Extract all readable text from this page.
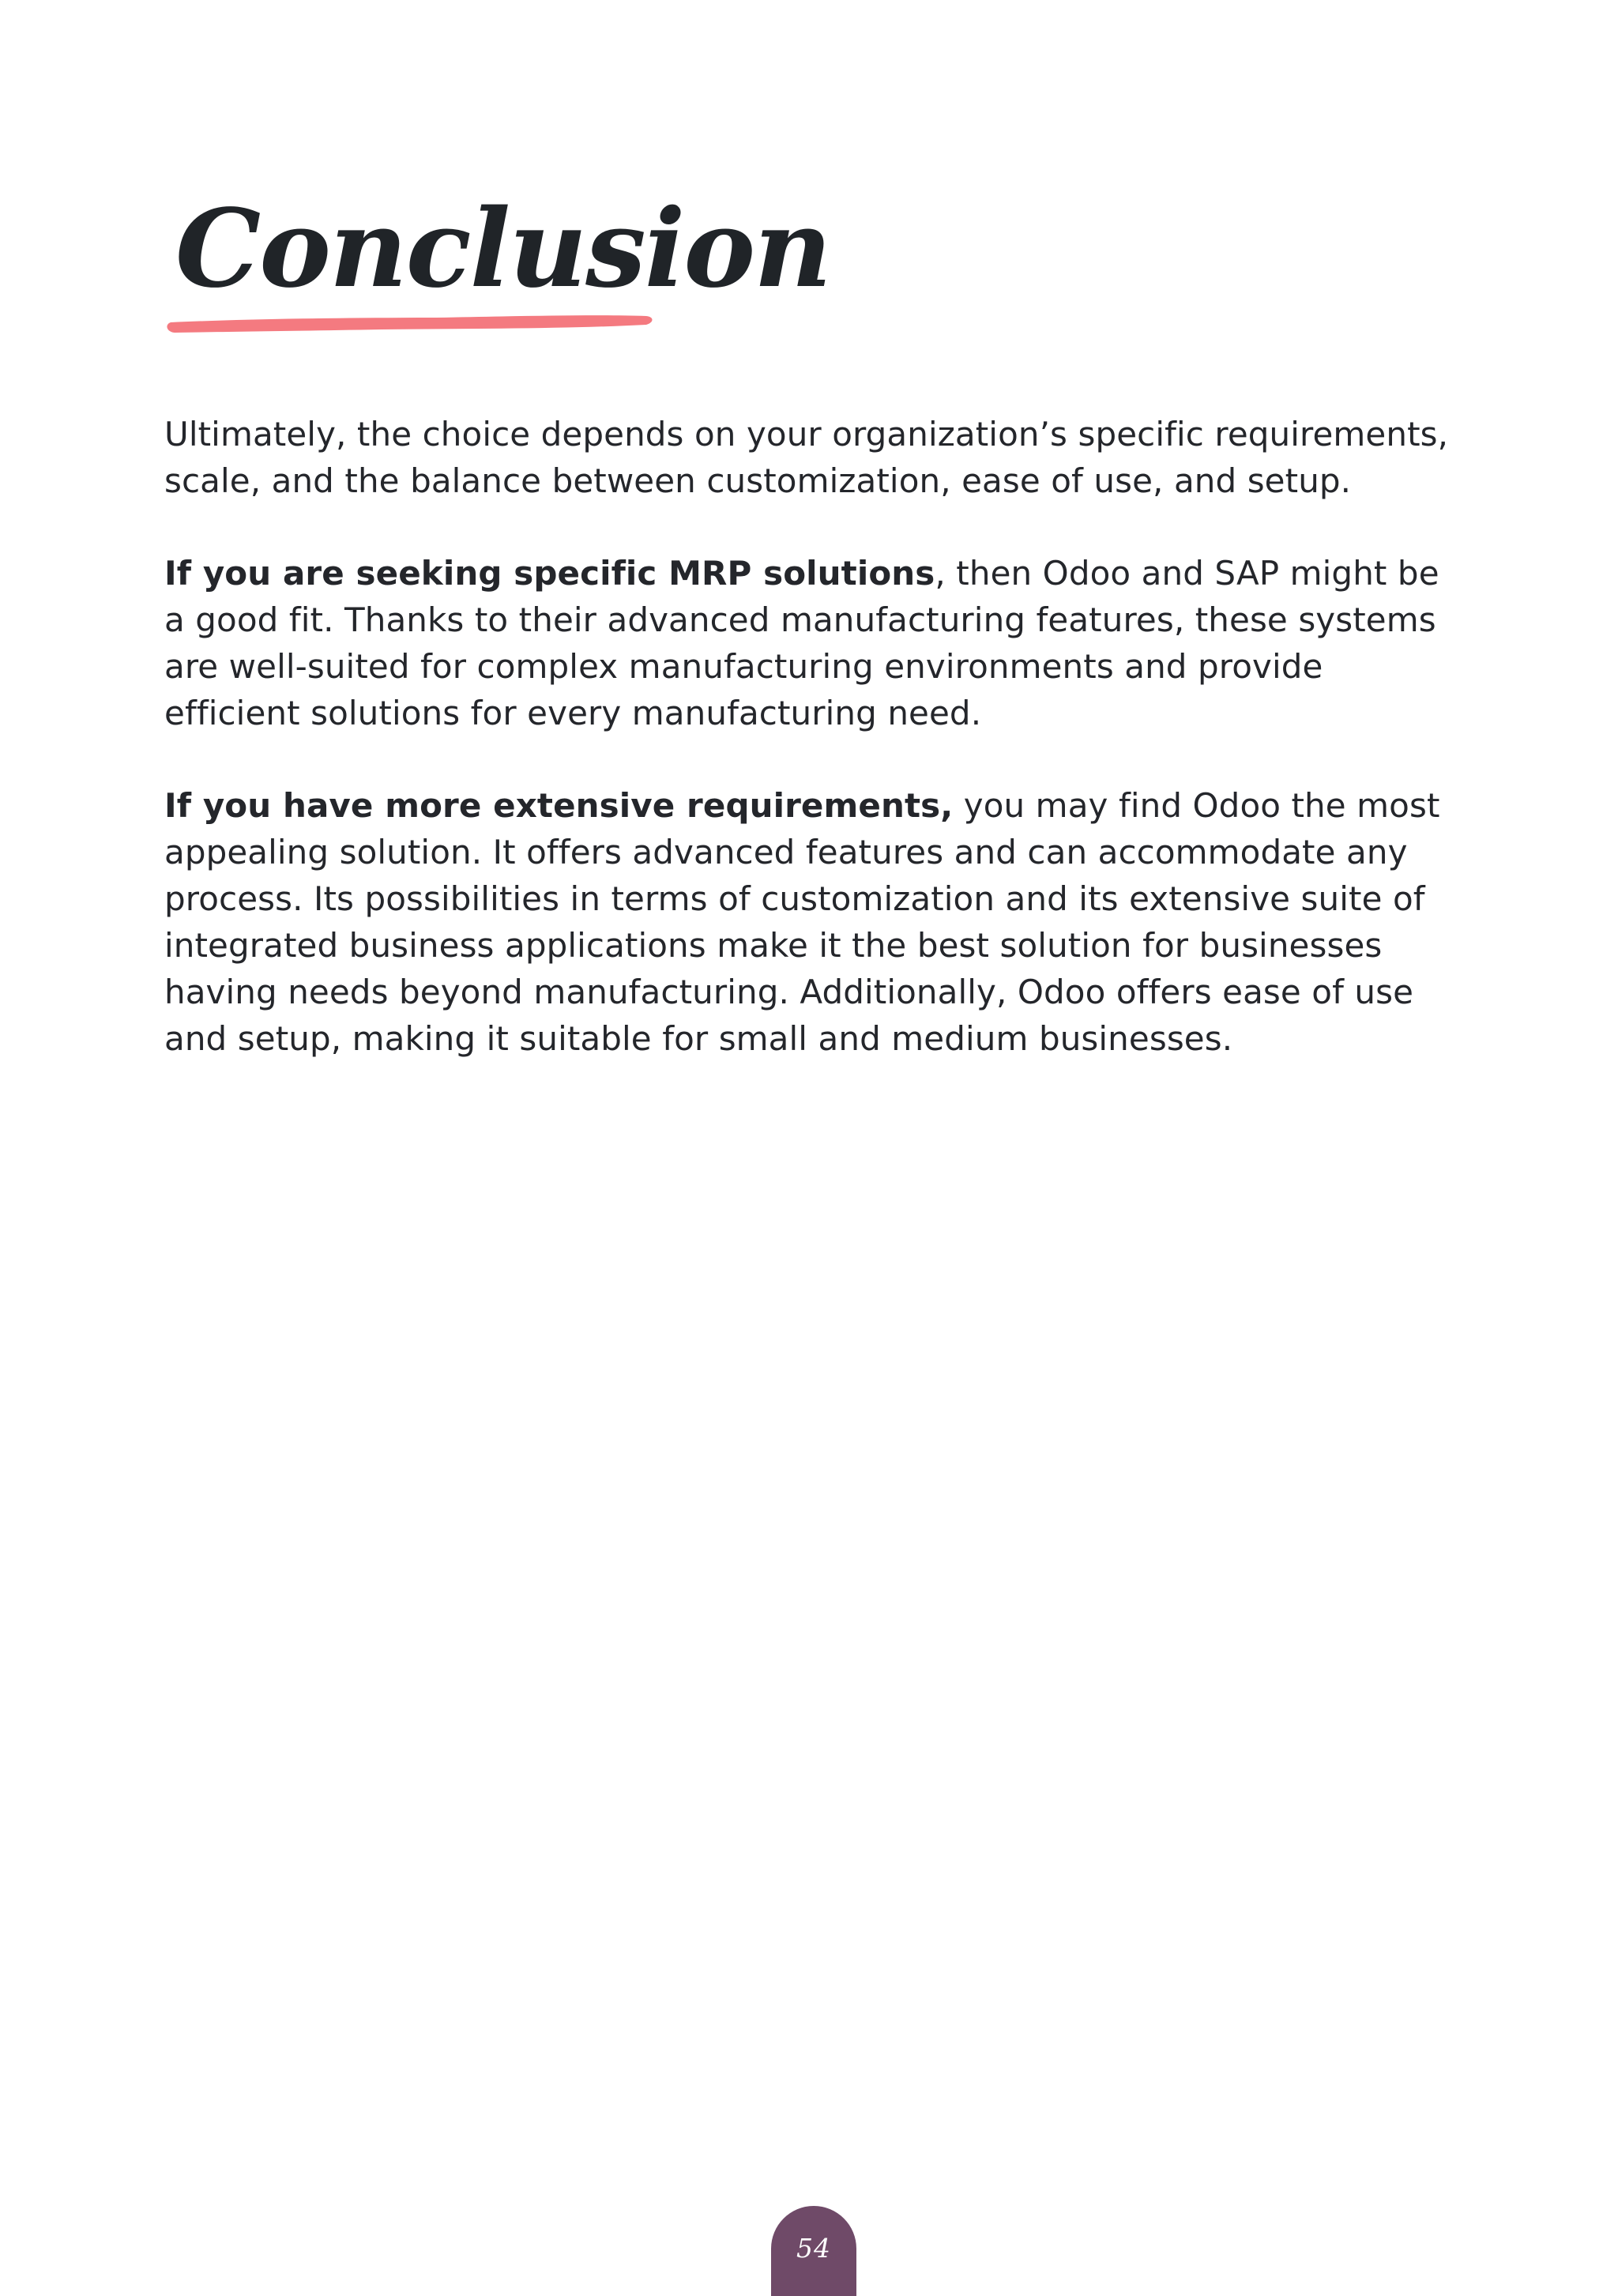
Conclusion

Ultimately, the choice depends on your organization’s specific requirements, scale, and the balance between customization, ease of use, and setup.

If you are seeking specific MRP solutions, then Odoo and SAP might be a good fit. Thanks to their advanced manufacturing features, these systems are well-suited for complex manufacturing environments and provide efficient solutions for every manufacturing need.

If you have more extensive requirements, you may find Odoo the most appealing solution. It offers advanced features and can accommodate any process. Its possibilities in terms of customization and its extensive suite of integrated business applications make it the best solution for businesses having needs beyond manufacturing. Additionally, Odoo offers ease of use and setup, making it suitable for small and medium businesses.

54
